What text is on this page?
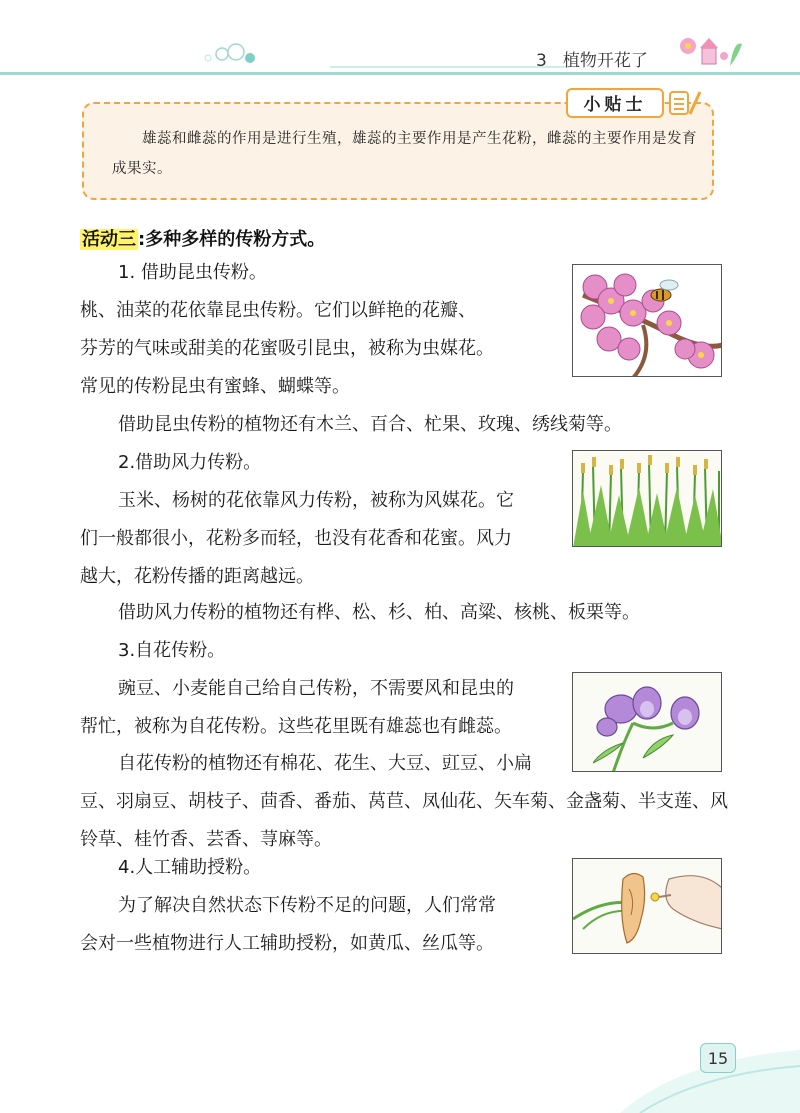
3 植物开花了
小贴士
雄蕊和雌蕊的作用是进行生殖，雄蕊的主要作用是产生花粉，雌蕊的主要作用是发育成果实。
活动三 :多种多样的传粉方式。
1. 借助昆虫传粉。
桃、油菜的花依靠昆虫传粉。它们以鲜艳的花瓣、
芬芳的气味或甜美的花蜜吸引昆虫，被称为虫媒花。
常见的传粉昆虫有蜜蜂、蝴蝶等。
借助昆虫传粉的植物还有木兰、百合、杧果、玫瑰、绣线菊等。
2.借助风力传粉。
玉米、杨树的花依靠风力传粉，被称为风媒花。它
们一般都很小，花粉多而轻，也没有花香和花蜜。风力
越大，花粉传播的距离越远。
借助风力传粉的植物还有桦、松、杉、柏、高粱、核桃、板栗等。
3.自花传粉。
豌豆、小麦能自己给自己传粉，不需要风和昆虫的
帮忙，被称为自花传粉。这些花里既有雄蕊也有雌蕊。
自花传粉的植物还有棉花、花生、大豆、豇豆、小扁
豆、羽扇豆、胡枝子、茴香、番茄、莴苣、凤仙花、矢车菊、金盏菊、半支莲、风
铃草、桂竹香、芸香、荨麻等。
4.人工辅助授粉。
为了解决自然状态下传粉不足的问题，人们常常
会对一些植物进行人工辅助授粉，如黄瓜、丝瓜等。
15
